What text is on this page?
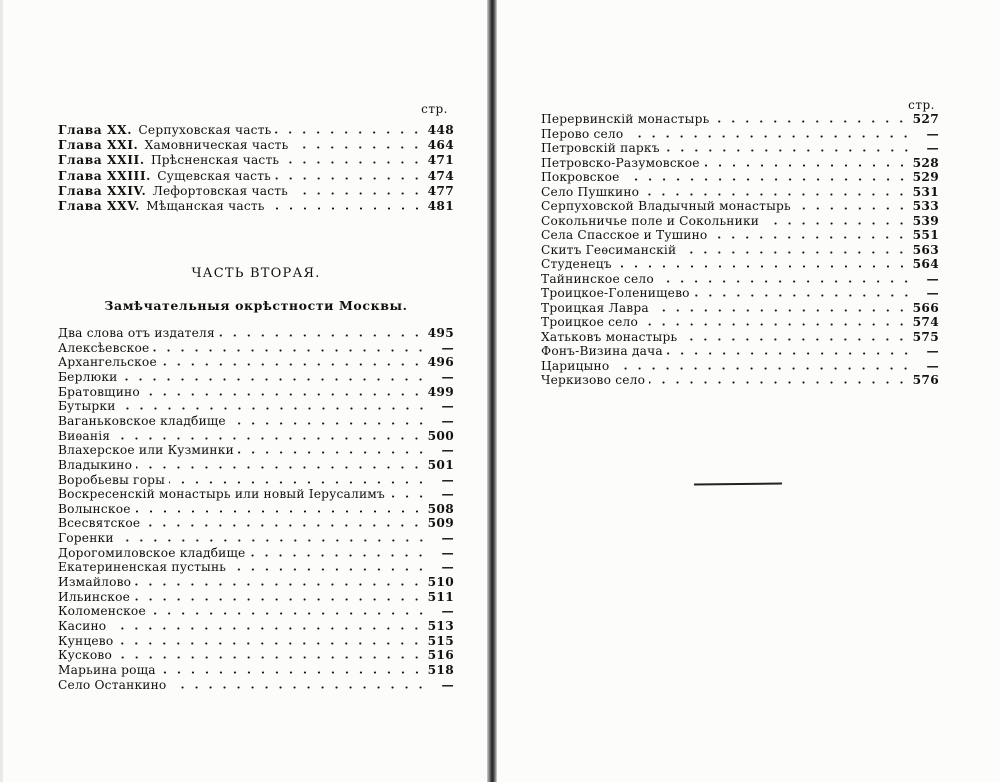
стр.
Глава XX.  Серпуховская часть	448
Глава XXI.  Хамовническая часть	464
Глава XXII.  Прѣсненская часть	471
Глава XXIII.  Сущевская часть	474
Глава XXIV.  Лефортовская часть	477
Глава XXV.  Мѣщанская часть	481
ЧАСТЬ ВТОРАЯ.
Замѣчательныя окрѣстности Москвы.
Два слова отъ издателя	495
Алексѣевское	—
Архангельское	496
Берлюки	—
Братовщино	499
Бутырки	—
Ваганьковское кладбище	—
Виѳанія	500
Влахерское или Кузминки	—
Владыкино	501
Воробьевы горы	—
Воскресенскій монастырь или новый Іерусалимъ	—
Волынское	508
Всесвятское	509
Горенки	—
Дорогомиловское кладбище	—
Екатериненская пустынь	—
Измайлово	510
Ильинское	511
Коломенское	—
Касино	513
Кунцево	515
Кусково	516
Марьина роща	518
Село Останкино	—
стр.
Перервинскій монастырь	527
Перово село	—
Петровскій паркъ	—
Петровско-Разумовское	528
Покровское	529
Село Пушкино	531
Серпуховской Владычный монастырь	533
Сокольничье поле и Сокольники	539
Села Спасское и Тушино	551
Скитъ Геѳсиманскій	563
Студенецъ	564
Тайнинское село	—
Троицкое-Голенищево	—
Троицкая Лавра	566
Троицкое село	574
Хатьковъ монастырь	575
Фонъ-Визина дача	—
Царицыно	—
Черкизово село	576
